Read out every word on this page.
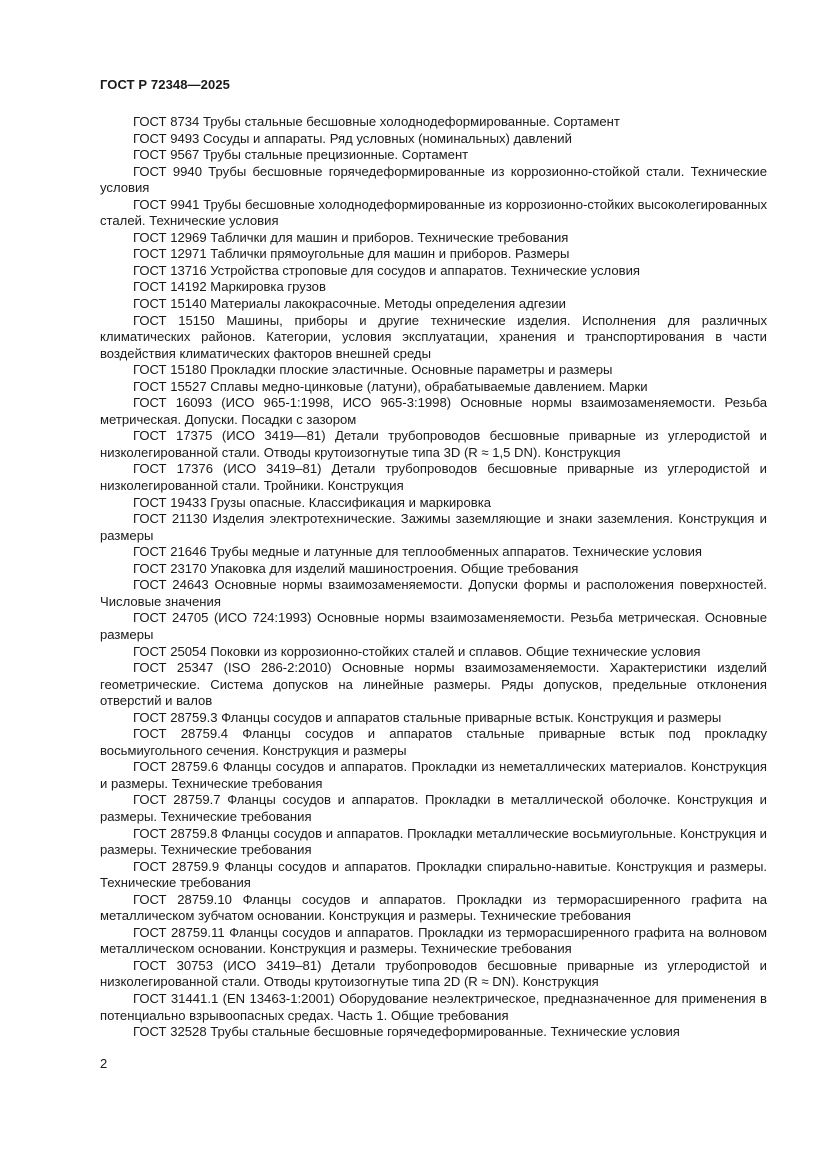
ГОСТ Р 72348—2025

ГОСТ 8734 Трубы стальные бесшовные холоднодеформированные. Сортамент

ГОСТ 9493 Сосуды и аппараты. Ряд условных (номинальных) давлений

ГОСТ 9567 Трубы стальные прецизионные. Сортамент

ГОСТ 9940 Трубы бесшовные горячедеформированные из коррозионно-стойкой стали. Технические условия

ГОСТ 9941 Трубы бесшовные холоднодеформированные из коррозионно-стойких высоколегированных сталей. Технические условия

ГОСТ 12969 Таблички для машин и приборов. Технические требования

ГОСТ 12971 Таблички прямоугольные для машин и приборов. Размеры

ГОСТ 13716 Устройства строповые для сосудов и аппаратов. Технические условия

ГОСТ 14192 Маркировка грузов

ГОСТ 15140 Материалы лакокрасочные. Методы определения адгезии

ГОСТ 15150 Машины, приборы и другие технические изделия. Исполнения для различных климатических районов. Категории, условия эксплуатации, хранения и транспортирования в части воздействия климатических факторов внешней среды

ГОСТ 15180 Прокладки плоские эластичные. Основные параметры и размеры

ГОСТ 15527 Сплавы медно-цинковые (латуни), обрабатываемые давлением. Марки

ГОСТ 16093 (ИСО 965-1:1998, ИСО 965-3:1998) Основные нормы взаимозаменяемости. Резьба метрическая. Допуски. Посадки с зазором

ГОСТ 17375 (ИСО 3419—81) Детали трубопроводов бесшовные приварные из углеродистой и низколегированной стали. Отводы крутоизогнутые типа 3D (R ≈ 1,5 DN). Конструкция

ГОСТ 17376 (ИСО 3419–81) Детали трубопроводов бесшовные приварные из углеродистой и низколегированной стали. Тройники. Конструкция

ГОСТ 19433 Грузы опасные. Классификация и маркировка

ГОСТ 21130 Изделия электротехнические. Зажимы заземляющие и знаки заземления. Конструкция и размеры

ГОСТ 21646 Трубы медные и латунные для теплообменных аппаратов. Технические условия

ГОСТ 23170 Упаковка для изделий машиностроения. Общие требования

ГОСТ 24643 Основные нормы взаимозаменяемости. Допуски формы и расположения поверхностей. Числовые значения

ГОСТ 24705 (ИСО 724:1993) Основные нормы взаимозаменяемости. Резьба метрическая. Основные размеры

ГОСТ 25054 Поковки из коррозионно-стойких сталей и сплавов. Общие технические условия

ГОСТ 25347 (ISO 286-2:2010) Основные нормы взаимозаменяемости. Характеристики изделий геометрические. Система допусков на линейные размеры. Ряды допусков, предельные отклонения отверстий и валов

ГОСТ 28759.3 Фланцы сосудов и аппаратов стальные приварные встык. Конструкция и размеры

ГОСТ 28759.4 Фланцы сосудов и аппаратов стальные приварные встык под прокладку восьмиугольного сечения. Конструкция и размеры

ГОСТ 28759.6 Фланцы сосудов и аппаратов. Прокладки из неметаллических материалов. Конструкция и размеры. Технические требования

ГОСТ 28759.7 Фланцы сосудов и аппаратов. Прокладки в металлической оболочке. Конструкция и размеры. Технические требования

ГОСТ 28759.8 Фланцы сосудов и аппаратов. Прокладки металлические восьмиугольные. Конструкция и размеры. Технические требования

ГОСТ 28759.9 Фланцы сосудов и аппаратов. Прокладки спирально-навитые. Конструкция и размеры. Технические требования

ГОСТ 28759.10 Фланцы сосудов и аппаратов. Прокладки из терморасширенного графита на металлическом зубчатом основании. Конструкция и размеры. Технические требования

ГОСТ 28759.11 Фланцы сосудов и аппаратов. Прокладки из терморасширенного графита на волновом металлическом основании. Конструкция и размеры. Технические требования

ГОСТ 30753 (ИСО 3419–81) Детали трубопроводов бесшовные приварные из углеродистой и низколегированной стали. Отводы крутоизогнутые типа 2D (R ≈ DN). Конструкция

ГОСТ 31441.1 (EN 13463-1:2001) Оборудование неэлектрическое, предназначенное для применения в потенциально взрывоопасных средах. Часть 1. Общие требования

ГОСТ 32528 Трубы стальные бесшовные горячедеформированные. Технические условия

2
